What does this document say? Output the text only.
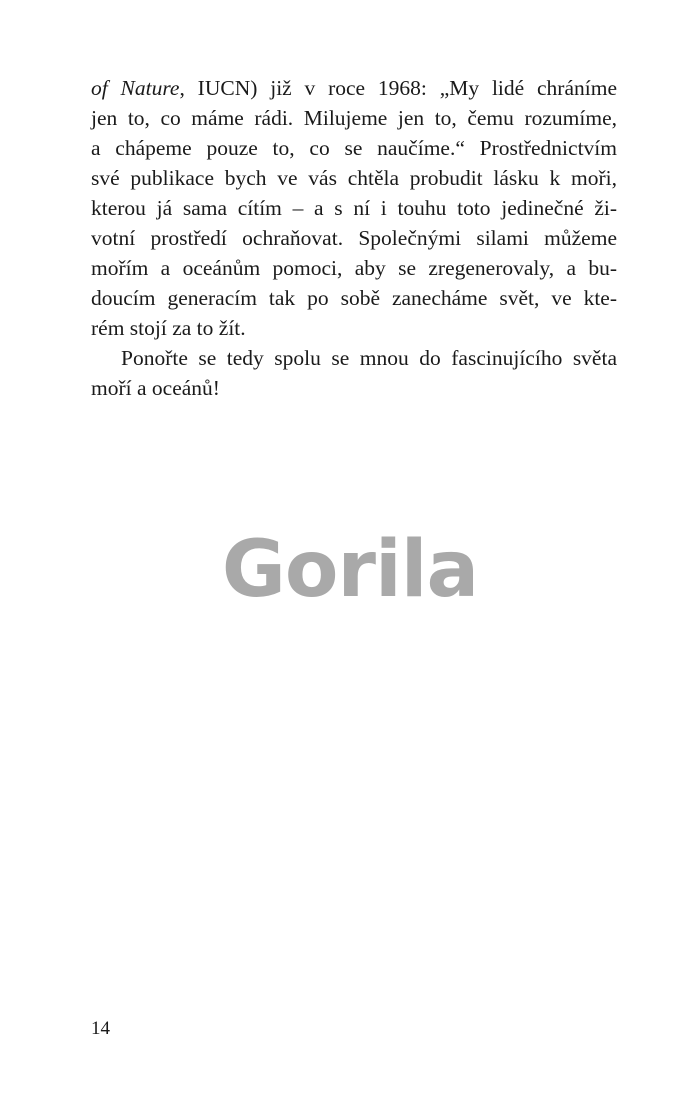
of Nature, IUCN) již v roce 1968: „My lidé chráníme
jen to, co máme rádi. Milujeme jen to, čemu rozumíme,
a chápeme pouze to, co se naučíme.“ Prostřednictvím
své publikace bych ve vás chtěla probudit lásku k moři,
kterou já sama cítím – a s ní i touhu toto jedinečné ži-
votní prostředí ochraňovat. Společnými silami můžeme
mořím a oceánům pomoci, aby se zregenerovaly, a bu-
doucím generacím tak po sobě zanecháme svět, ve kte-
rém stojí za to žít.
Ponořte se tedy spolu se mnou do fascinujícího světa
moří a oceánů!
Gorila
14
